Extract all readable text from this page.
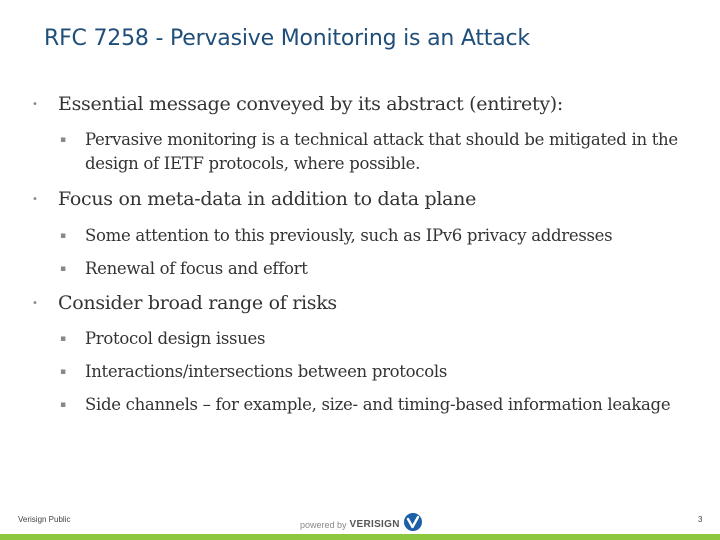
RFC 7258 - Pervasive Monitoring is an Attack
• Essential message conveyed by its abstract (entirety):
▪ Pervasive monitoring is a technical attack that should be mitigated in the design of IETF protocols, where possible.
• Focus on meta-data in addition to data plane
▪ Some attention to this previously, such as IPv6 privacy addresses
▪ Renewal of focus and effort
• Consider broad range of risks
▪ Protocol design issues
▪ Interactions/intersections between protocols
▪ Side channels – for example, size- and timing-based information leakage
Verisign Public	powered by VERISIGN	3
